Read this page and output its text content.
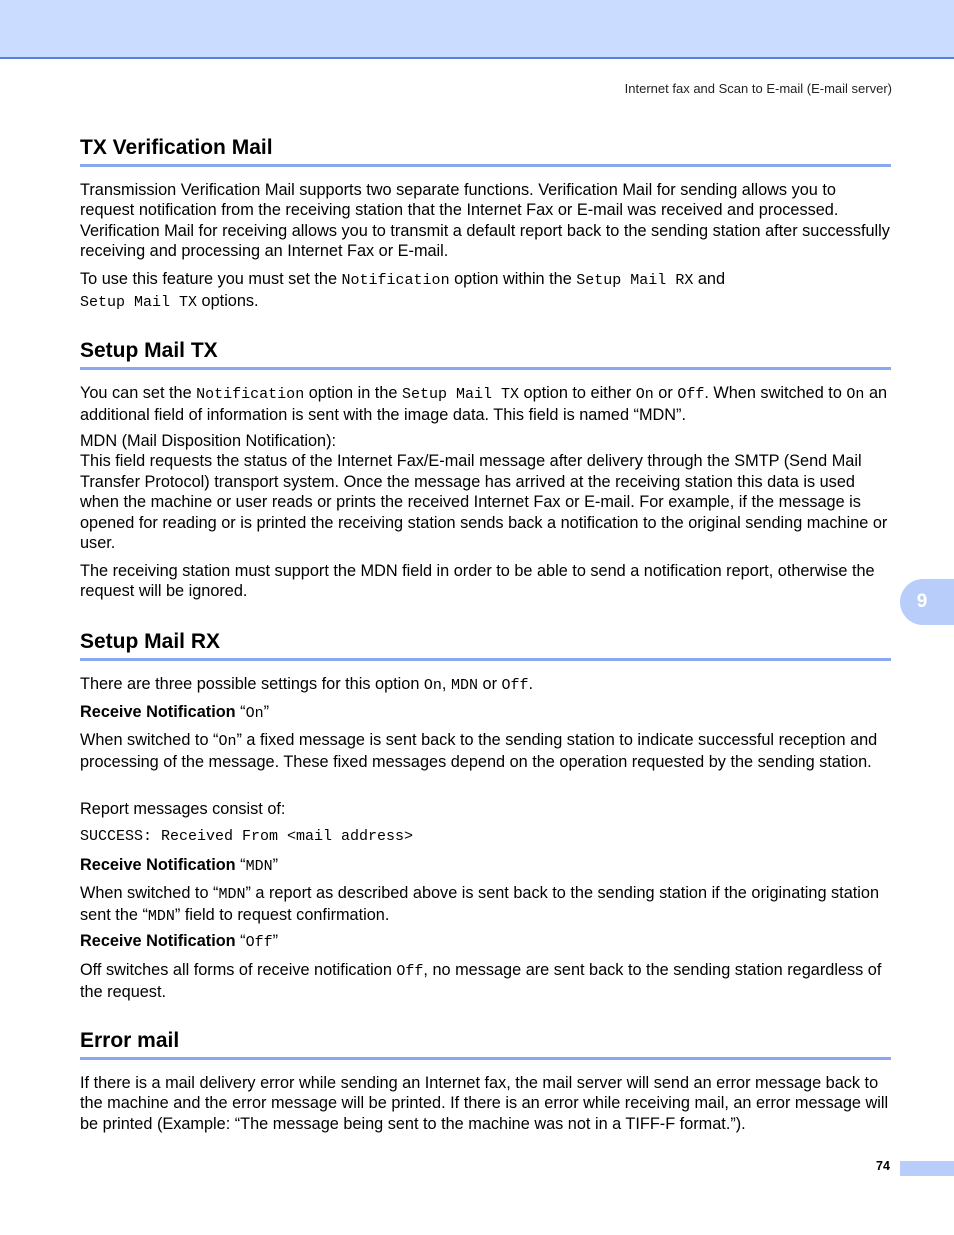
Internet fax and Scan to E-mail (E-mail server)
TX Verification Mail

Transmission Verification Mail supports two separate functions. Verification Mail for sending allows you to request notification from the receiving station that the Internet Fax or E-mail was received and processed. Verification Mail for receiving allows you to transmit a default report back to the sending station after successfully receiving and processing an Internet Fax or E-mail.

To use this feature you must set the Notification option within the Setup Mail RX and
Setup Mail TX options.

Setup Mail TX

You can set the Notification option in the Setup Mail TX option to either On or Off. When switched to On an additional field of information is sent with the image data. This field is named “MDN”.

MDN (Mail Disposition Notification):
This field requests the status of the Internet Fax/E-mail message after delivery through the SMTP (Send Mail Transfer Protocol) transport system. Once the message has arrived at the receiving station this data is used when the machine or user reads or prints the received Internet Fax or E-mail. For example, if the message is opened for reading or is printed the receiving station sends back a notification to the original sending machine or user.

The receiving station must support the MDN field in order to be able to send a notification report, otherwise the request will be ignored.

Setup Mail RX

There are three possible settings for this option On, MDN or Off.

Receive Notification “On”

When switched to “On” a fixed message is sent back to the sending station to indicate successful reception and processing of the message. These fixed messages depend on the operation requested by the sending station.

Report messages consist of:

SUCCESS: Received From <mail address>

Receive Notification “MDN”

When switched to “MDN” a report as described above is sent back to the sending station if the originating station sent the “MDN” field to request confirmation.

Receive Notification “Off”

Off switches all forms of receive notification Off, no message are sent back to the sending station regardless of the request.

Error mail

If there is a mail delivery error while sending an Internet fax, the mail server will send an error message back to the machine and the error message will be printed. If there is an error while receiving mail, an error message will be printed (Example: “The message being sent to the machine was not in a TIFF-F format.”).

9
74
